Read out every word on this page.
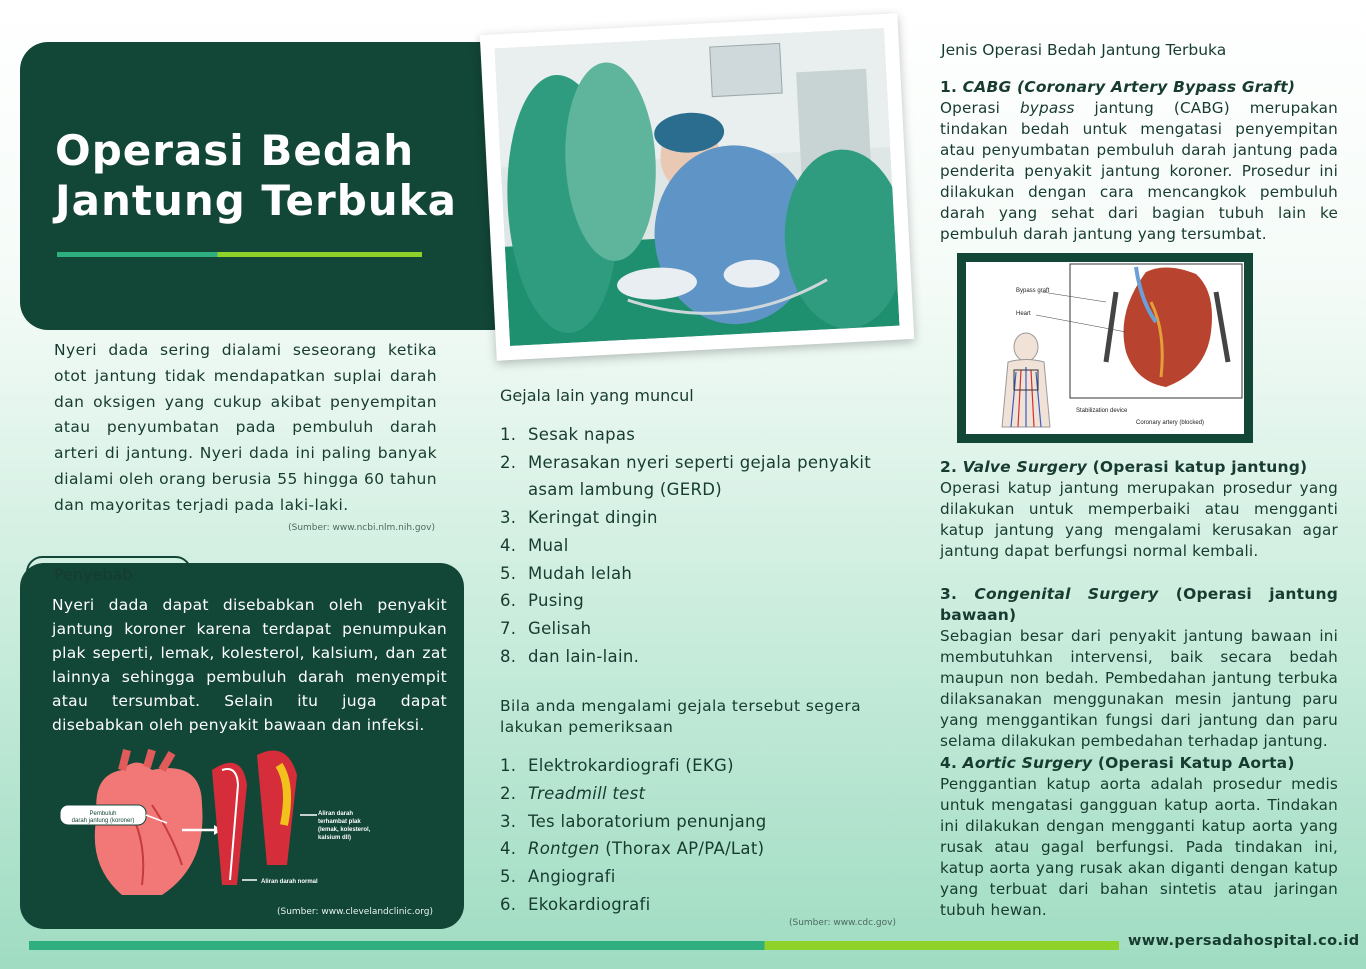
Operasi Bedah
Jantung Terbuka

Nyeri dada sering dialami seseorang ketika otot jantung tidak mendapatkan suplai darah dan oksigen yang cukup akibat penyempitan atau penyumbatan pada pembuluh darah arteri di jantung. Nyeri dada ini paling banyak dialami oleh orang berusia 55 hingga 60 tahun dan mayoritas terjadi pada laki-laki.

(Sumber: www.ncbi.nlm.nih.gov)
Penyebab

Nyeri dada dapat disebabkan oleh penyakit jantung koroner karena terdapat penumpukan plak seperti, lemak, kolesterol, kalsium, dan zat lainnya sehingga pembuluh darah menyempit atau tersumbat. Selain itu juga dapat disebabkan oleh penyakit bawaan dan infeksi.

Pembuluh
darah jantung (koroner)
Aliran darah
terhambat plak
(lemak, kolesterol,
kalsium dll)
Aliran darah normal
(Sumber: www.clevelandclinic.org)
Gejala lain yang muncul
1. Sesak napas
2. Merasakan nyeri seperti gejala penyakit asam lambung (GERD)
3. Keringat dingin
4. Mual
5. Mudah lelah
6. Pusing
7. Gelisah
8. dan lain-lain.
Bila anda mengalami gejala tersebut segera lakukan pemeriksaan
1. Elektrokardiografi (EKG)
2. Treadmill test
3. Tes laboratorium penunjang
4. Rontgen (Thorax AP/PA/Lat)
5. Angiografi
6. Ekokardiografi
(Sumber: www.cdc.gov)
Jenis Operasi Bedah Jantung Terbuka
1. CABG (Coronary Artery Bypass Graft)

Operasi bypass jantung (CABG) merupakan tindakan bedah untuk mengatasi penyempitan atau penyumbatan pembuluh darah jantung pada penderita penyakit jantung koroner. Prosedur ini dilakukan dengan cara mencangkok pembuluh darah yang sehat dari bagian tubuh lain ke pembuluh darah jantung yang tersumbat.

Bypass graft
Heart
Stabilization device
Coronary artery (blocked)
2. Valve Surgery (Operasi katup jantung)

Operasi katup jantung merupakan prosedur yang dilakukan untuk memperbaiki atau mengganti katup jantung yang mengalami kerusakan agar jantung dapat berfungsi normal kembali.

3. Congenital Surgery (Operasi jantung bawaan)

Sebagian besar dari penyakit jantung bawaan ini membutuhkan intervensi, baik secara bedah maupun non bedah. Pembedahan jantung terbuka dilaksanakan menggunakan mesin jantung paru yang menggantikan fungsi dari jantung dan paru selama dilakukan pembedahan terhadap jantung.

4. Aortic Surgery (Operasi Katup Aorta)

Penggantian katup aorta adalah prosedur medis untuk mengatasi gangguan katup aorta. Tindakan ini dilakukan dengan mengganti katup aorta yang rusak atau gagal berfungsi. Pada tindakan ini, katup aorta yang rusak akan diganti dengan katup yang terbuat dari bahan sintetis atau jaringan tubuh hewan.

www.persadahospital.co.id
